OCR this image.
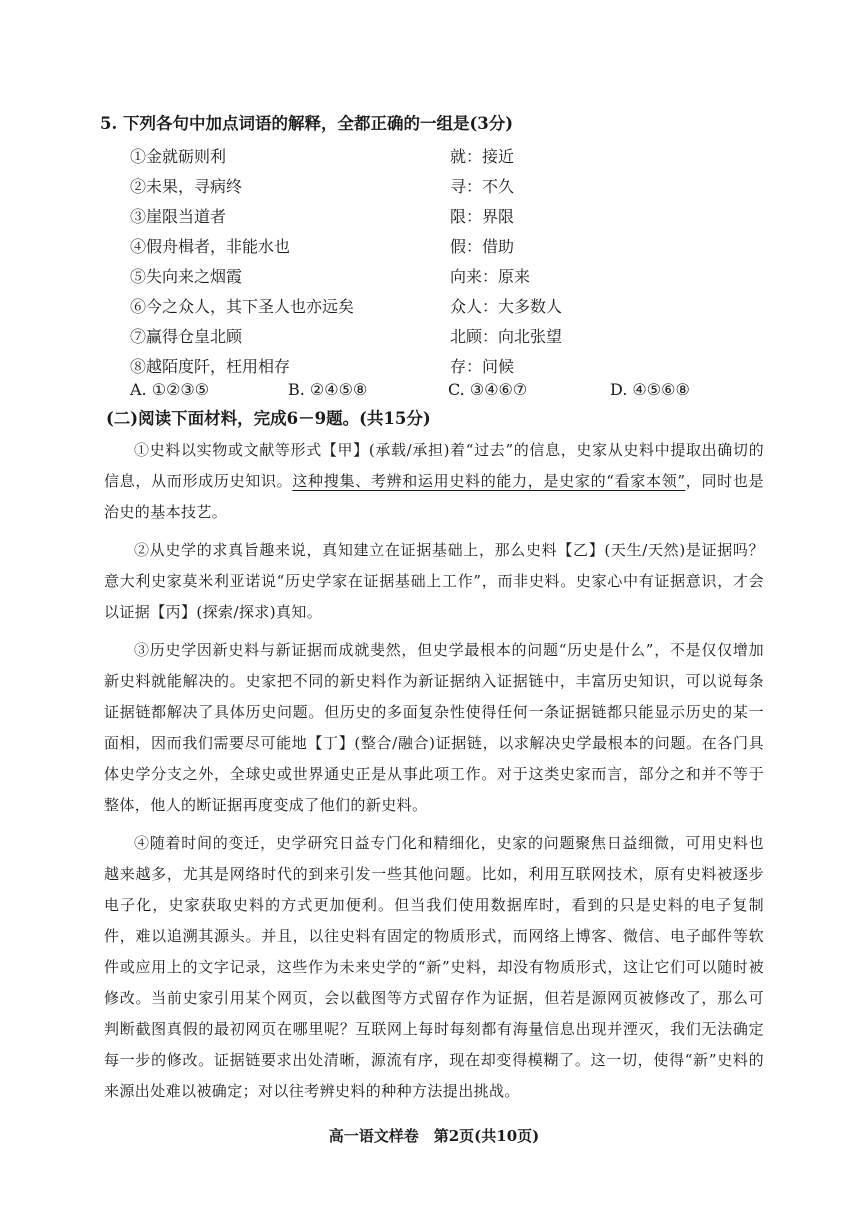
5. 下列各句中加点词语的解释，全都正确的一组是(3分)
①金就砺则利	就：接近
②未果，寻病终	寻：不久
③崖限当道者	限：界限
④假舟楫者，非能水也	假：借助
⑤失向来之烟霞	向来：原来
⑥今之众人，其下圣人也亦远矣	众人：大多数人
⑦赢得仓皇北顾	北顾：向北张望
⑧越陌度阡，枉用相存	存：问候
A. ①②③⑤	B. ②④⑤⑧	C. ③④⑥⑦	D. ④⑤⑥⑧
(二)阅读下面材料，完成6－9题。(共15分)

①史料以实物或文献等形式【甲】(承载/承担)着“过去”的信息，史家从史料中提取出确切的信息，从而形成历史知识。这种搜集、考辨和运用史料的能力，是史家的“看家本领”，同时也是治史的基本技艺。

②从史学的求真旨趣来说，真知建立在证据基础上，那么史料【乙】(天生/天然)是证据吗？意大利史家莫米利亚诺说“历史学家在证据基础上工作”，而非史料。史家心中有证据意识，才会以证据【丙】(探索/探求)真知。

③历史学因新史料与新证据而成就斐然，但史学最根本的问题“历史是什么”，不是仅仅增加新史料就能解决的。史家把不同的新史料作为新证据纳入证据链中，丰富历史知识，可以说每条证据链都解决了具体历史问题。但历史的多面复杂性使得任何一条证据链都只能显示历史的某一面相，因而我们需要尽可能地【丁】(整合/融合)证据链，以求解决史学最根本的问题。在各门具体史学分支之外，全球史或世界通史正是从事此项工作。对于这类史家而言，部分之和并不等于整体，他人的断证据再度变成了他们的新史料。

④随着时间的变迁，史学研究日益专门化和精细化，史家的问题聚焦日益细微，可用史料也越来越多，尤其是网络时代的到来引发一些其他问题。比如，利用互联网技术，原有史料被逐步电子化，史家获取史料的方式更加便利。但当我们使用数据库时，看到的只是史料的电子复制件，难以追溯其源头。并且，以往史料有固定的物质形式，而网络上博客、微信、电子邮件等软件或应用上的文字记录，这些作为未来史学的“新”史料，却没有物质形式，这让它们可以随时被修改。当前史家引用某个网页，会以截图等方式留存作为证据，但若是源网页被修改了，那么可判断截图真假的最初网页在哪里呢？互联网上每时每刻都有海量信息出现并湮灭，我们无法确定每一步的修改。证据链要求出处清晰，源流有序，现在却变得模糊了。这一切，使得“新”史料的来源出处难以被确定；对以往考辨史料的种种方法提出挑战。

高一语文样卷　第2页(共10页)
